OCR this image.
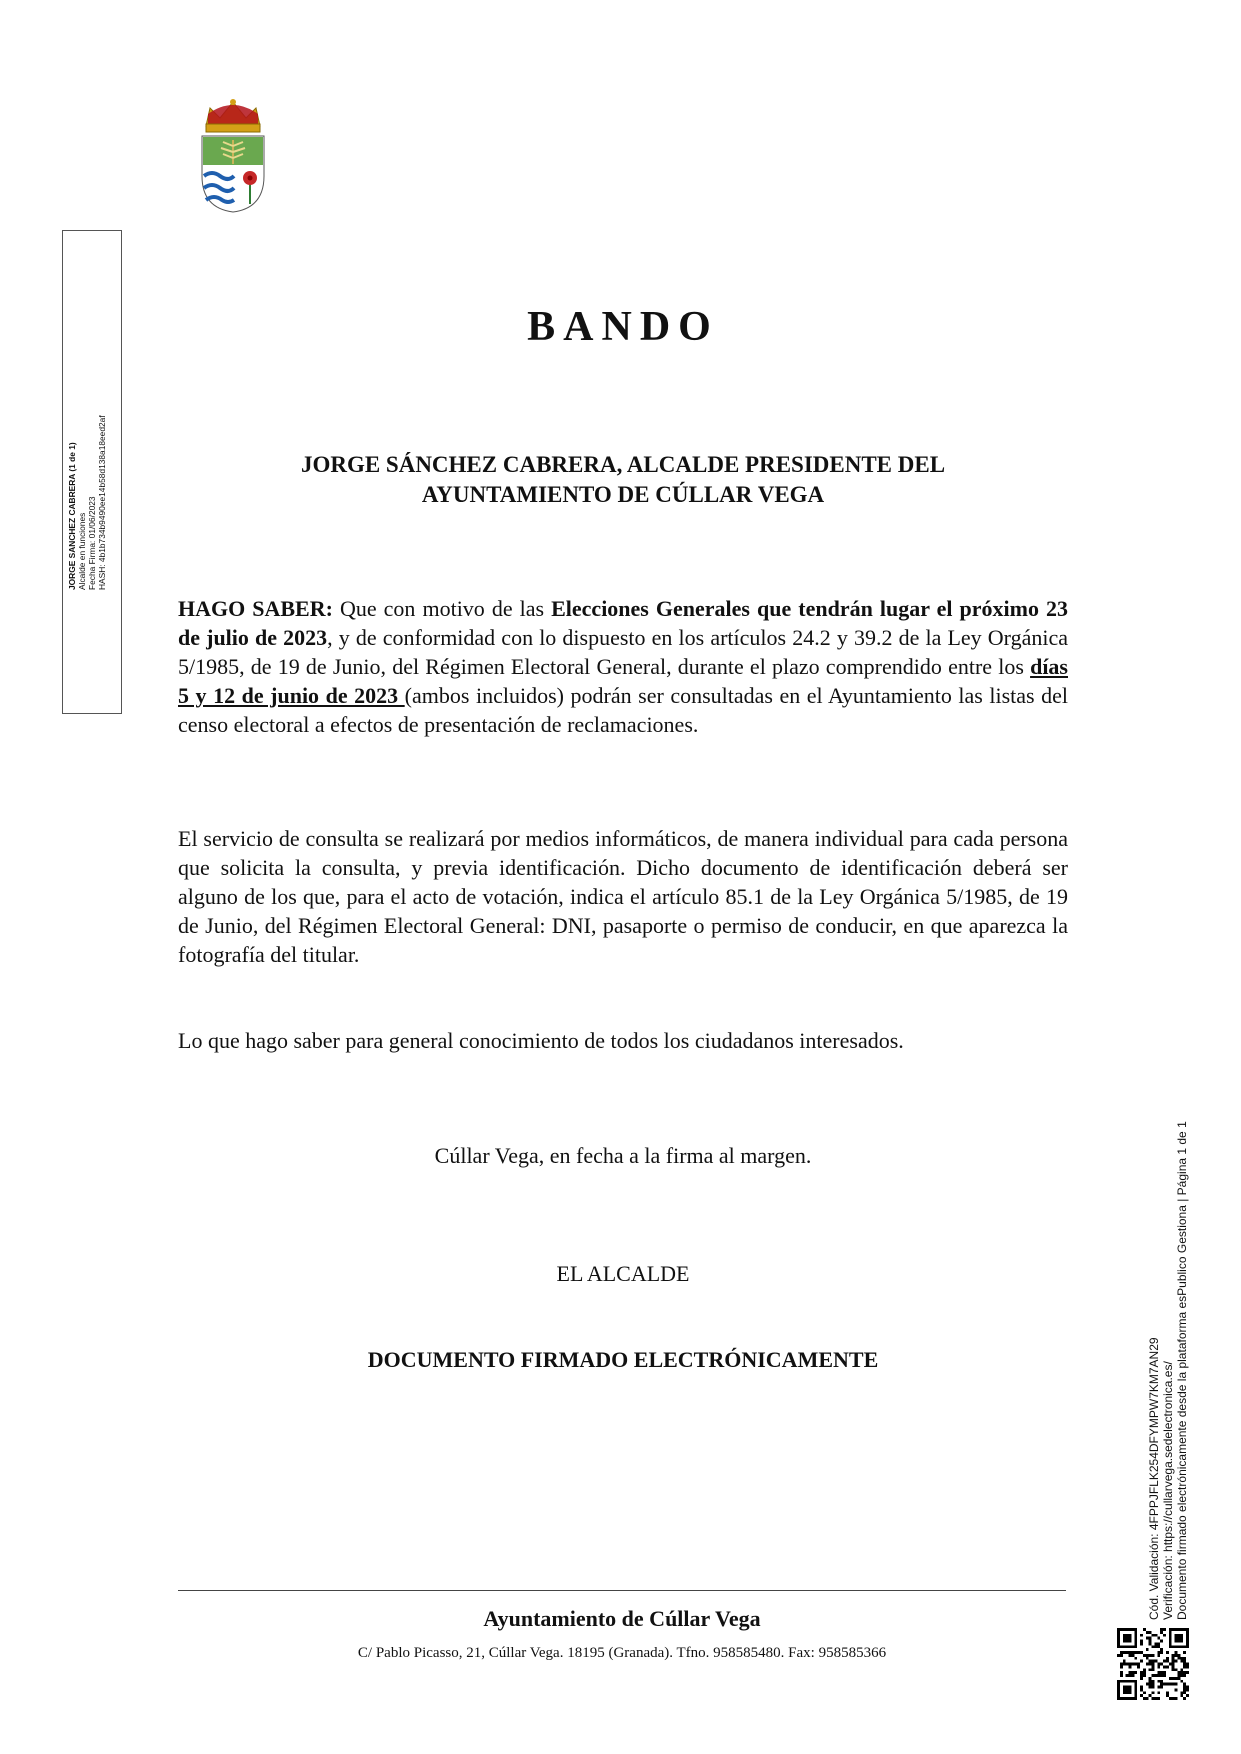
JORGE SANCHEZ CABRERA (1 de 1) Alcalde en funciones Fecha Firma: 01/06/2023 HASH: 4b1b734b9490ee14b58d138a18eed2af
BANDO
JORGE SÁNCHEZ CABRERA, ALCALDE PRESIDENTE DEL
AYUNTAMIENTO DE CÚLLAR VEGA

HAGO SABER: Que con motivo de las Elecciones Generales que tendrán lugar el próximo 23 de julio de 2023, y de conformidad con lo dispuesto en los artículos 24.2 y 39.2 de la Ley Orgánica 5/1985, de 19 de Junio, del Régimen Electoral General, durante el plazo comprendido entre los días 5 y 12 de junio de 2023 (ambos incluidos) podrán ser consultadas en el Ayuntamiento las listas del censo electoral a efectos de presentación de reclamaciones.

El servicio de consulta se realizará por medios informáticos, de manera individual para cada persona que solicita la consulta, y previa identificación. Dicho documento de identificación deberá ser alguno de los que, para el acto de votación, indica el artículo 85.1 de la Ley Orgánica 5/1985, de 19 de Junio, del Régimen Electoral General: DNI, pasaporte o permiso de conducir, en que aparezca la fotografía del titular.

Lo que hago saber para general conocimiento de todos los ciudadanos interesados.

Cúllar Vega, en fecha a la firma al margen.

EL ALCALDE

DOCUMENTO FIRMADO ELECTRÓNICAMENTE

Ayuntamiento de Cúllar Vega
C/ Pablo Picasso, 21, Cúllar Vega. 18195 (Granada). Tfno. 958585480. Fax: 958585366
Cód. Validación: 4FPPJFLK254DFYMPW7KM7AN29 Verificación: https://cullarvega.sedelectronica.es/ Documento firmado electrónicamente desde la plataforma esPublico Gestiona | Página 1 de 1
